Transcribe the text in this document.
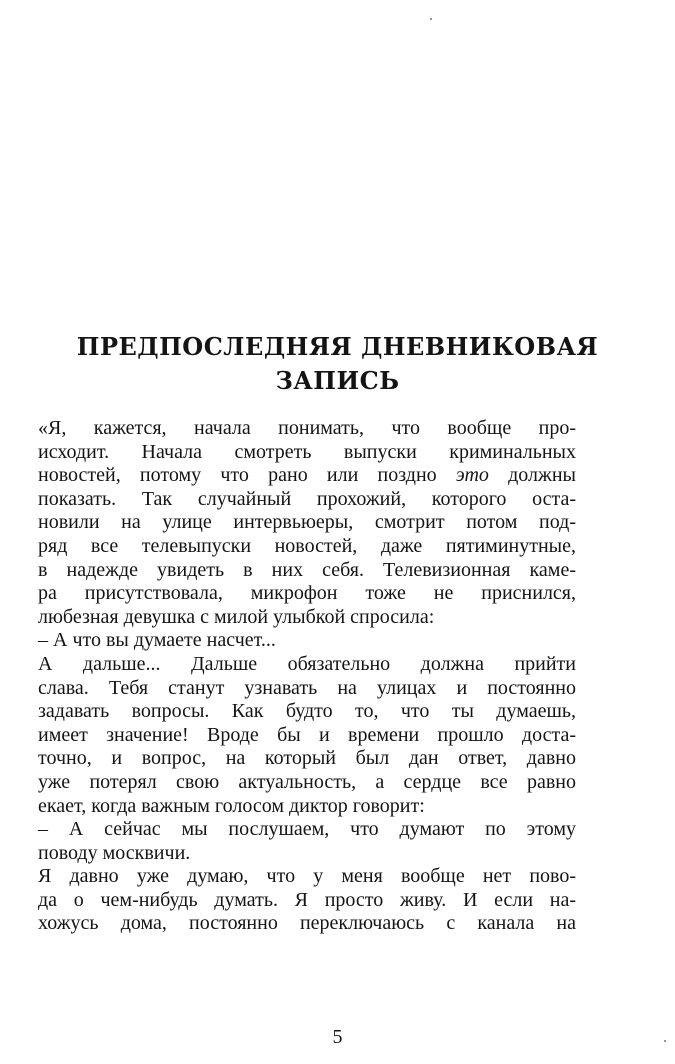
ПРЕДПОСЛЕДНЯЯ ДНЕВНИКОВАЯ
ЗАПИСЬ
«Я, кажется, начала понимать, что вообще про-
исходит. Начала смотреть выпуски криминальных
новостей, потому что рано или поздно это должны
показать. Так случайный прохожий, которого оста-
новили на улице интервьюеры, смотрит потом под-
ряд все телевыпуски новостей, даже пятиминутные,
в надежде увидеть в них себя. Телевизионная каме-
ра присутствовала, микрофон тоже не приснился,
любезная девушка с милой улыбкой спросила:
– А что вы думаете насчет...
А дальше... Дальше обязательно должна прийти
слава. Тебя станут узнавать на улицах и постоянно
задавать вопросы. Как будто то, что ты думаешь,
имеет значение! Вроде бы и времени прошло доста-
точно, и вопрос, на который был дан ответ, давно
уже потерял свою актуальность, а сердце все равно
екает, когда важным голосом диктор говорит:
– А сейчас мы послушаем, что думают по этому
поводу москвичи.
Я давно уже думаю, что у меня вообще нет пово-
да о чем-нибудь думать. Я просто живу. И если на-
хожусь дома, постоянно переключаюсь с канала на
5
